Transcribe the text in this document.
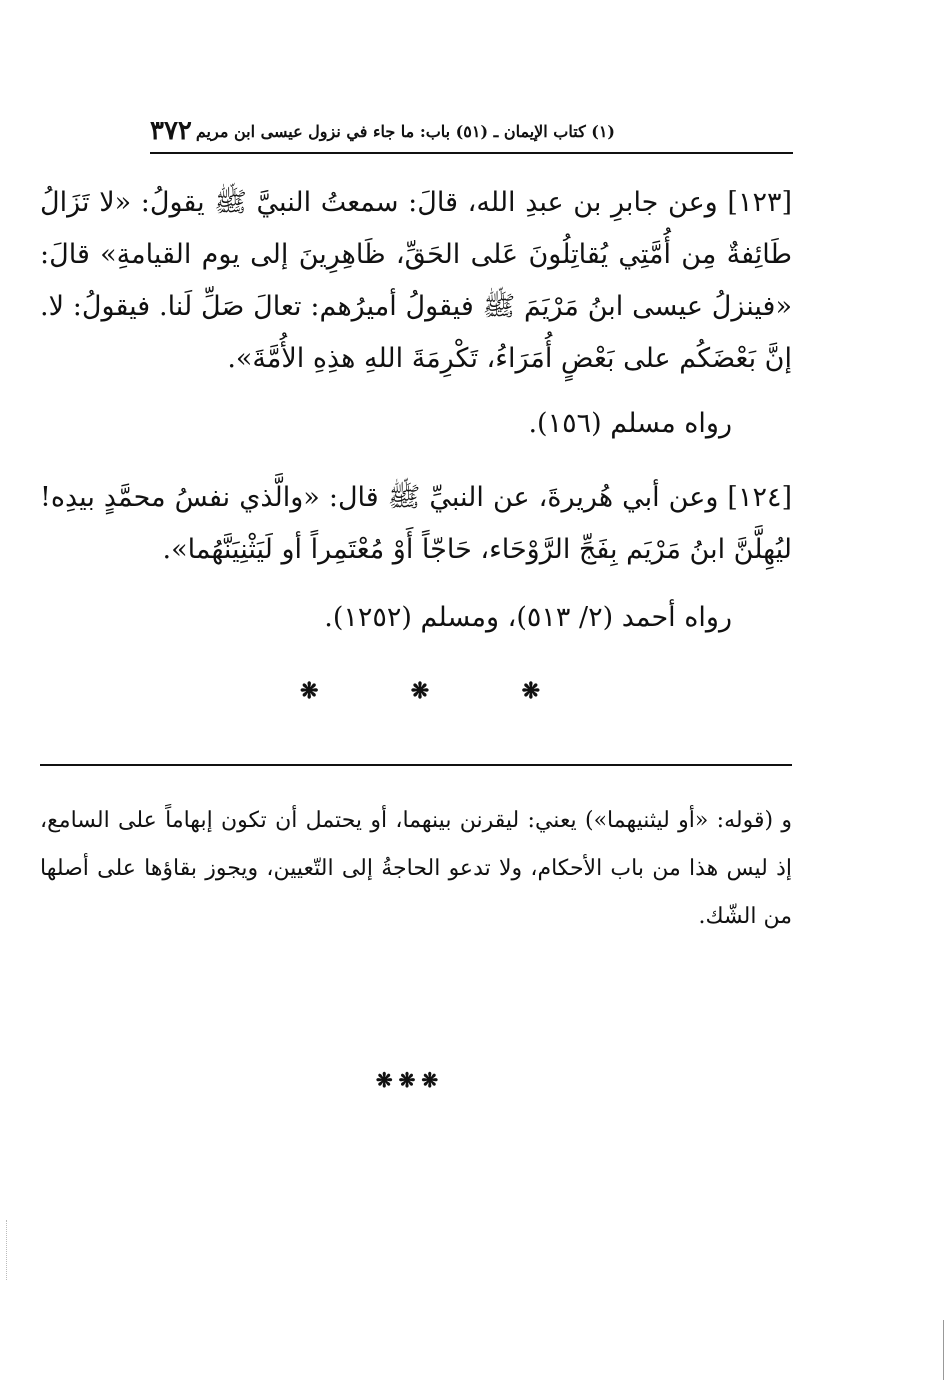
٣٧٢ (١) كتاب الإيمان ـ (٥١) باب: ما جاء في نزول عيسى ابن مريم

[١٢٣] وعن جابرِ بن عبدِ الله، قالَ: سمعتُ النبيَّ ﷺ يقولُ: «لا تَزَالُ طَائِفةٌ مِن أُمَّتِي يُقاتِلُونَ عَلى الحَقِّ، ظَاهِرِينَ إلى يوم القيامةِ» قالَ: «فينزلُ عيسى ابنُ مَرْيَمَ ﷺ فيقولُ أميرُهم: تعالَ صَلِّ لَنا. فيقولُ: لا. إنَّ بَعْضَكُم على بَعْضٍ أُمَرَاءُ، تَكْرِمَةَ اللهِ هذِهِ الأُمَّةَ».

رواه مسلم (١٥٦).

[١٢٤] وعن أبي هُريرةَ، عن النبيِّ ﷺ قال: «والَّذي نفسُ محمَّدٍ بيدِه! ليُهِلَّنَّ ابنُ مَرْيَم بِفَجِّ الرَّوْحَاء، حَاجّاً أَوْ مُعْتَمِراً أو لَيَثْنِيَنَّهُما».

رواه أحمد (٢/ ٥١٣)، ومسلم (١٢٥٢).

❋	❋	❋

و (قوله: «أو ليثنيهما») يعني: ليقرنن بينهما، أو يحتمل أن تكون إبهاماً على السامع، إذ ليس هذا من باب الأحكام، ولا تدعو الحاجةُ إلى التّعيين، ويجوز بقاؤها على أصلها من الشّك.

❋❋❋
